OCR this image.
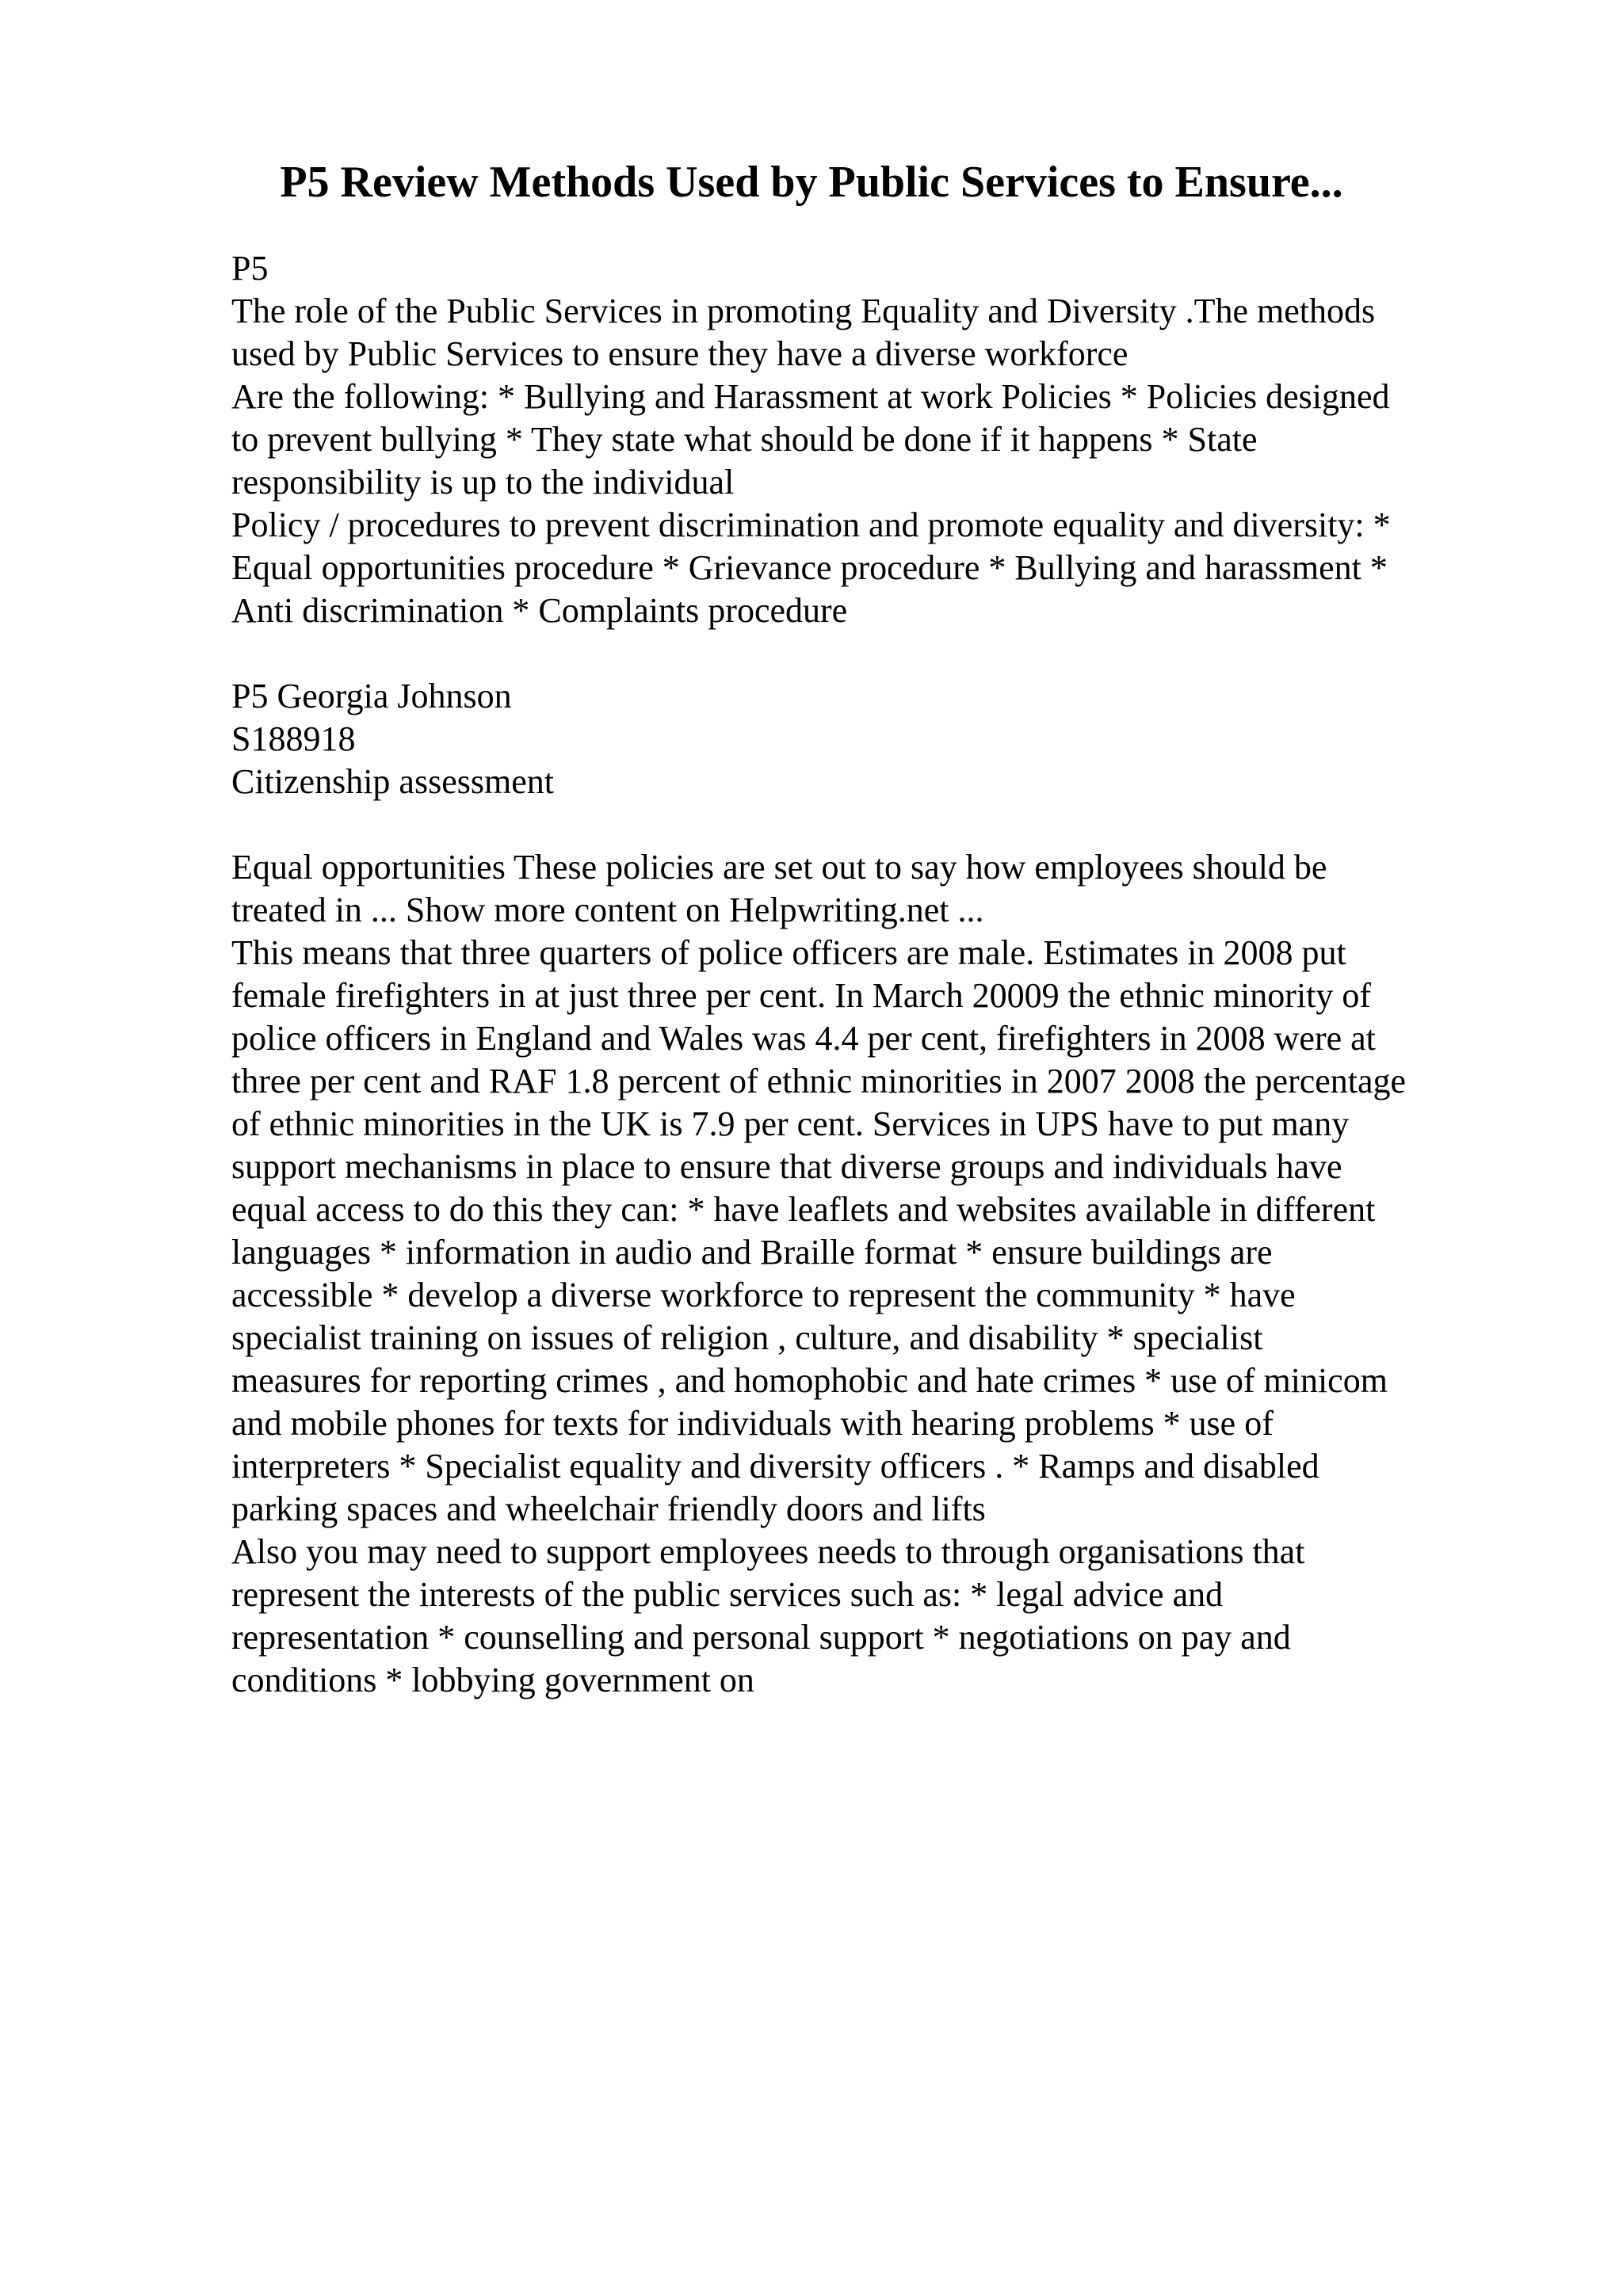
P5 Review Methods Used by Public Services to Ensure...
P5
The role of the Public Services in promoting Equality and Diversity .The methods
used by Public Services to ensure they have a diverse workforce
Are the following: * Bullying and Harassment at work Policies * Policies designed
to prevent bullying * They state what should be done if it happens * State
responsibility is up to the individual
Policy / procedures to prevent discrimination and promote equality and diversity: *
Equal opportunities procedure * Grievance procedure * Bullying and harassment *
Anti discrimination * Complaints procedure
P5 Georgia Johnson
S188918
Citizenship assessment
Equal opportunities These policies are set out to say how employees should be
treated in ... Show more content on Helpwriting.net ...
This means that three quarters of police officers are male. Estimates in 2008 put
female firefighters in at just three per cent. In March 20009 the ethnic minority of
police officers in England and Wales was 4.4 per cent, firefighters in 2008 were at
three per cent and RAF 1.8 percent of ethnic minorities in 2007 2008 the percentage
of ethnic minorities in the UK is 7.9 per cent. Services in UPS have to put many
support mechanisms in place to ensure that diverse groups and individuals have
equal access to do this they can: * have leaflets and websites available in different
languages * information in audio and Braille format * ensure buildings are
accessible * develop a diverse workforce to represent the community * have
specialist training on issues of religion , culture, and disability * specialist
measures for reporting crimes , and homophobic and hate crimes * use of minicom
and mobile phones for texts for individuals with hearing problems * use of
interpreters * Specialist equality and diversity officers . * Ramps and disabled
parking spaces and wheelchair friendly doors and lifts
Also you may need to support employees needs to through organisations that
represent the interests of the public services such as: * legal advice and
representation * counselling and personal support * negotiations on pay and
conditions * lobbying government on
